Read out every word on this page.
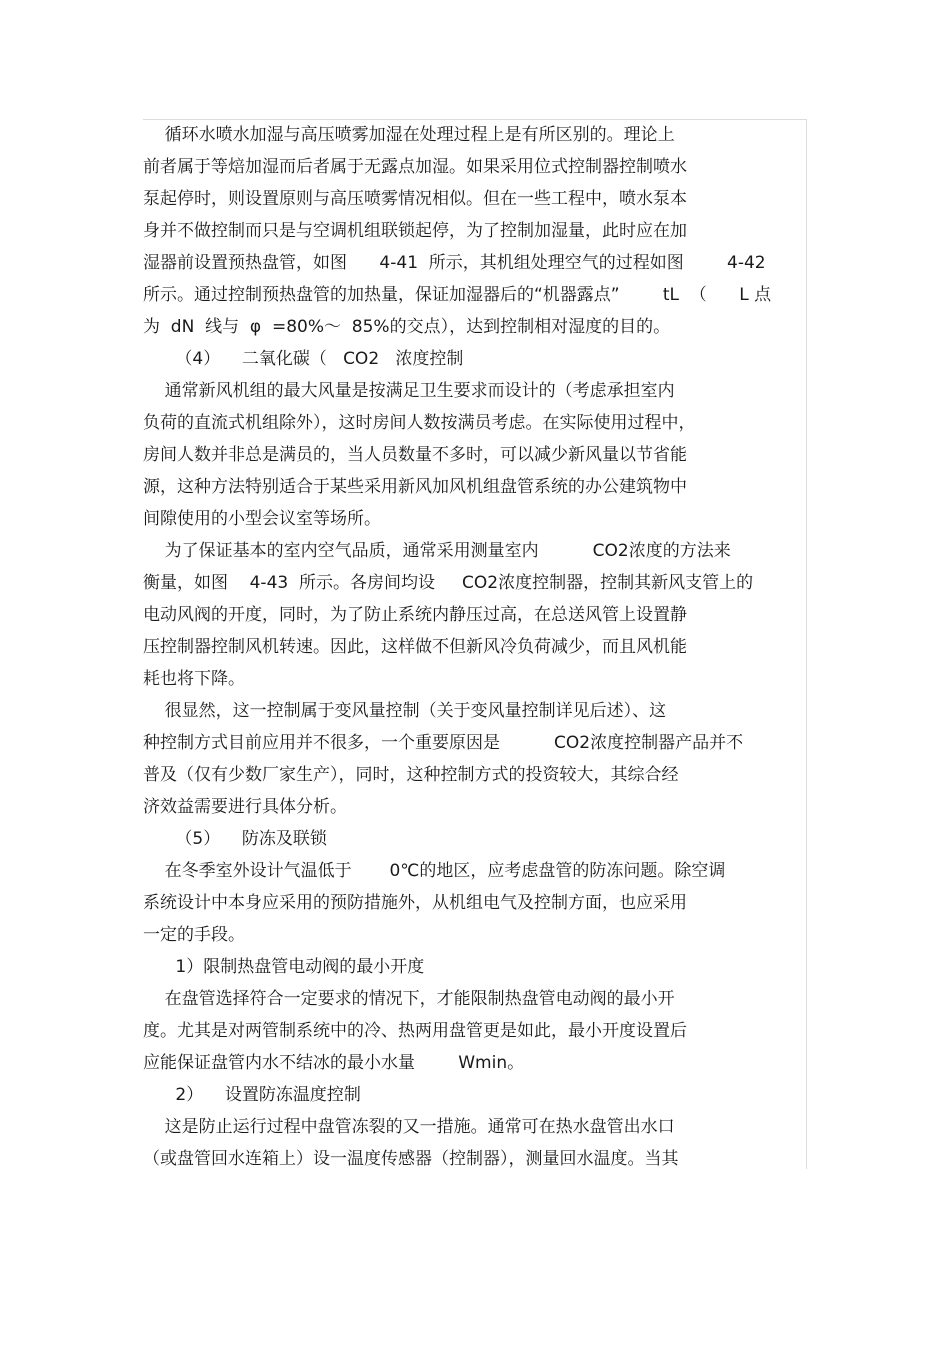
循环水喷水加湿与高压喷雾加湿在处理过程上是有所区别的。理论上
前者属于等焙加湿而后者属于无露点加湿。如果采用位式控制器控制喷水
泵起停时，则设置原则与高压喷雾情况相似。但在一些工程中，喷水泵本
身并不做控制而只是与空调机组联锁起停，为了控制加湿量，此时应在加
湿器前设置预热盘管，如图      4-41  所示，其机组处理空气的过程如图        4-42
所示。通过控制预热盘管的加热量，保证加湿器后的“机器露点”        tL  （      L 点
为  dN  线与  φ  =80%～  85%的交点），达到控制相对湿度的目的。
（4）    二氧化碳（   CO2   浓度控制
通常新风机组的最大风量是按满足卫生要求而设计的（考虑承担室内
负荷的直流式机组除外），这时房间人数按满员考虑。在实际使用过程中，
房间人数并非总是满员的，当人员数量不多时，可以减少新风量以节省能
源，这种方法特别适合于某些采用新风加风机组盘管系统的办公建筑物中
间隙使用的小型会议室等场所。
为了保证基本的室内空气品质，通常采用测量室内          CO2浓度的方法来
衡量，如图    4-43  所示。各房间均设     CO2浓度控制器，控制其新风支管上的
电动风阀的开度，同时，为了防止系统内静压过高，在总送风管上设置静
压控制器控制风机转速。因此，这样做不但新风冷负荷减少，而且风机能
耗也将下降。
很显然，这一控制属于变风量控制（关于变风量控制详见后述）、这
种控制方式目前应用并不很多，一个重要原因是          CO2浓度控制器产品并不
普及（仅有少数厂家生产），同时，这种控制方式的投资较大，其综合经
济效益需要进行具体分析。
（5）    防冻及联锁
在冬季室外设计气温低于       0℃的地区，应考虑盘管的防冻问题。除空调
系统设计中本身应采用的预防措施外，从机组电气及控制方面，也应采用
一定的手段。
1）限制热盘管电动阀的最小开度
在盘管选择符合一定要求的情况下，才能限制热盘管电动阀的最小开
度。尤其是对两管制系统中的冷、热两用盘管更是如此，最小开度设置后
应能保证盘管内水不结冰的最小水量        Wmin。
2）    设置防冻温度控制
这是防止运行过程中盘管冻裂的又一措施。通常可在热水盘管出水口
（或盘管回水连箱上）设一温度传感器（控制器），测量回水温度。当其
